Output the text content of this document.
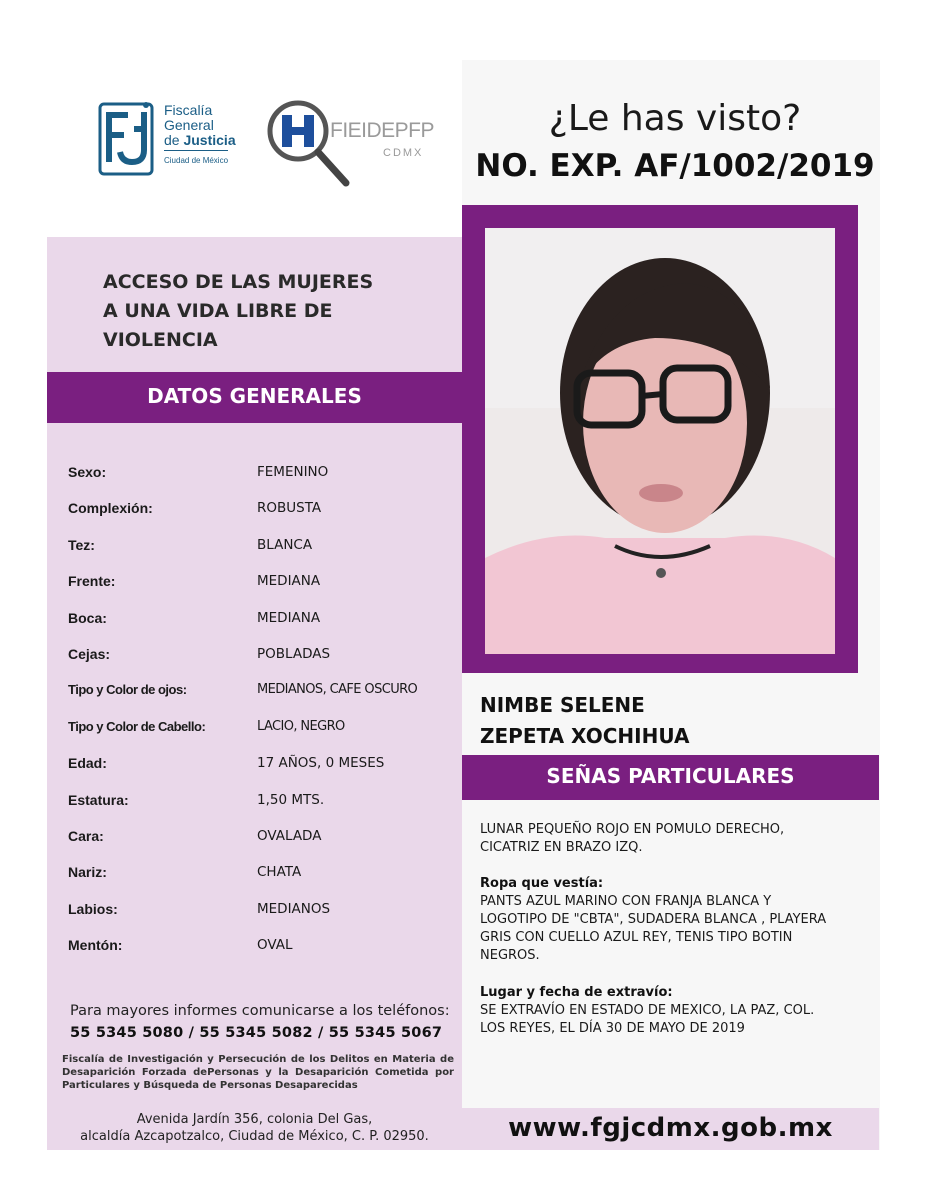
Fiscalía
General
de Justicia
Ciudad de México
FIEIDEPFP
CDMX
¿Le has visto?
NO. EXP. AF/1002/2019
ACCESO DE LAS MUJERES
A UNA VIDA LIBRE DE
VIOLENCIA
DATOS GENERALES
Sexo:	FEMENINO
Complexión:	ROBUSTA
Tez:	BLANCA
Frente:	MEDIANA
Boca:	MEDIANA
Cejas:	POBLADAS
Tipo y Color de ojos:	MEDIANOS, CAFE OSCURO
Tipo y Color de Cabello:	LACIO, NEGRO
Edad:	17 AÑOS, 0 MESES
Estatura:	1,50 MTS.
Cara:	OVALADA
Nariz:	CHATA
Labios:	MEDIANOS
Mentón:	OVAL
Para mayores informes comunicarse a los teléfonos:
55 5345 5080 / 55 5345 5082 / 55 5345 5067
Fiscalía de Investigación y Persecución de los Delitos en Materia de Desaparición Forzada dePersonas y la Desaparición Cometida por Particulares y Búsqueda de Personas Desaparecidas
Avenida Jardín 356, colonia Del Gas,
alcaldía Azcapotzalco, Ciudad de México, C. P. 02950.	www.fgjcdmx.gob.mx
NIMBE SELENE
ZEPETA XOCHIHUA
SEÑAS PARTICULARES
LUNAR PEQUEÑO ROJO EN POMULO DERECHO,
CICATRIZ EN BRAZO IZQ.
Ropa que vestía:
PANTS AZUL MARINO CON FRANJA BLANCA Y
LOGOTIPO DE "CBTA", SUDADERA BLANCA , PLAYERA
GRIS CON CUELLO AZUL REY, TENIS TIPO BOTIN
NEGROS.
Lugar y fecha de extravío:
SE EXTRAVÍO EN ESTADO DE MEXICO, LA PAZ, COL.
LOS REYES, EL DÍA 30 DE MAYO DE 2019
